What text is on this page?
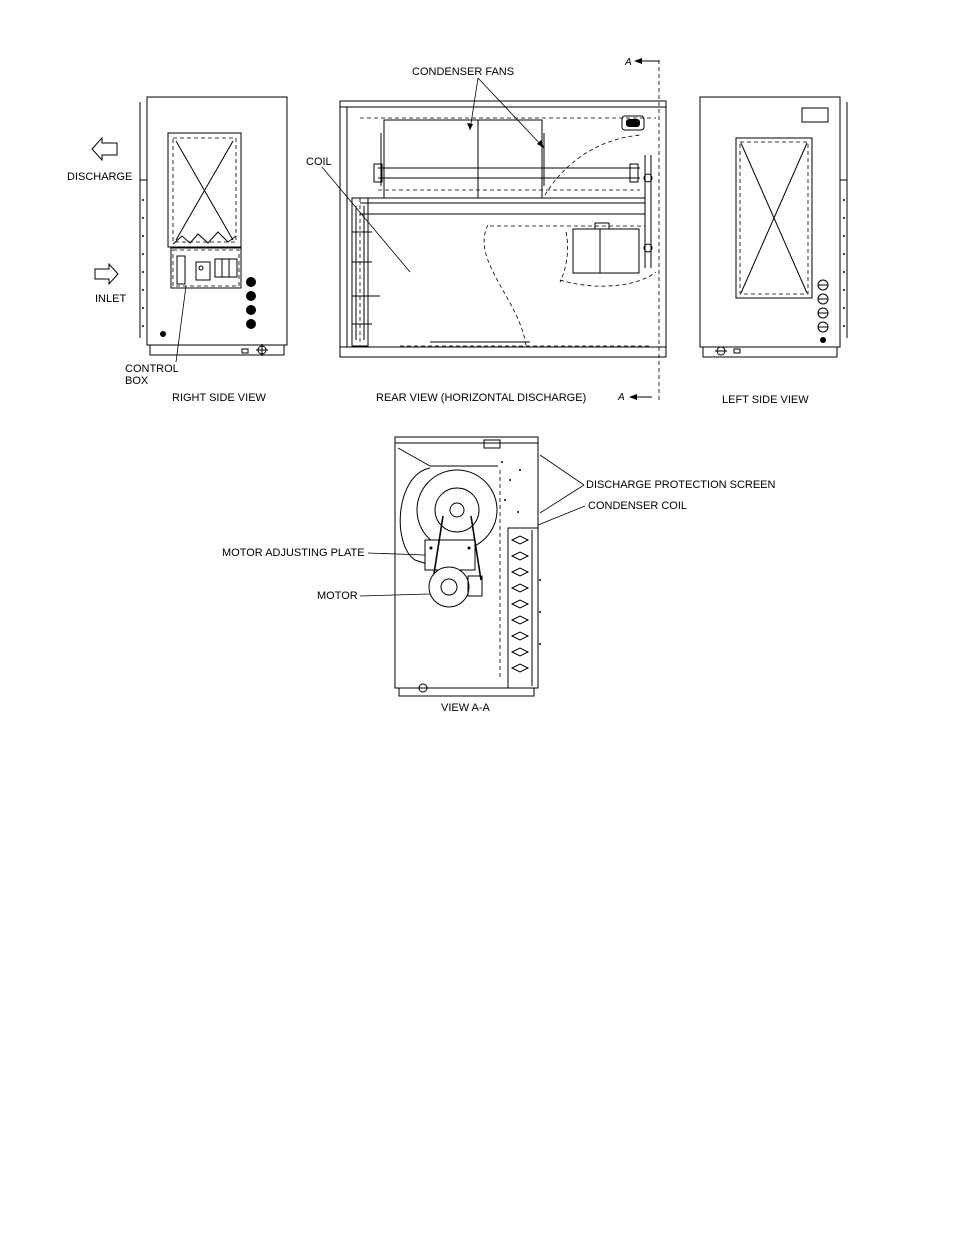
CONDENSER FANS
COIL
DISCHARGE
INLET
CONTROL
BOX
RIGHT SIDE VIEW	REAR VIEW (HORIZONTAL DISCHARGE)	LEFT SIDE VIEW
A
A
DISCHARGE PROTECTION SCREEN
CONDENSER COIL
MOTOR ADJUSTING PLATE
MOTOR
VIEW A-A
